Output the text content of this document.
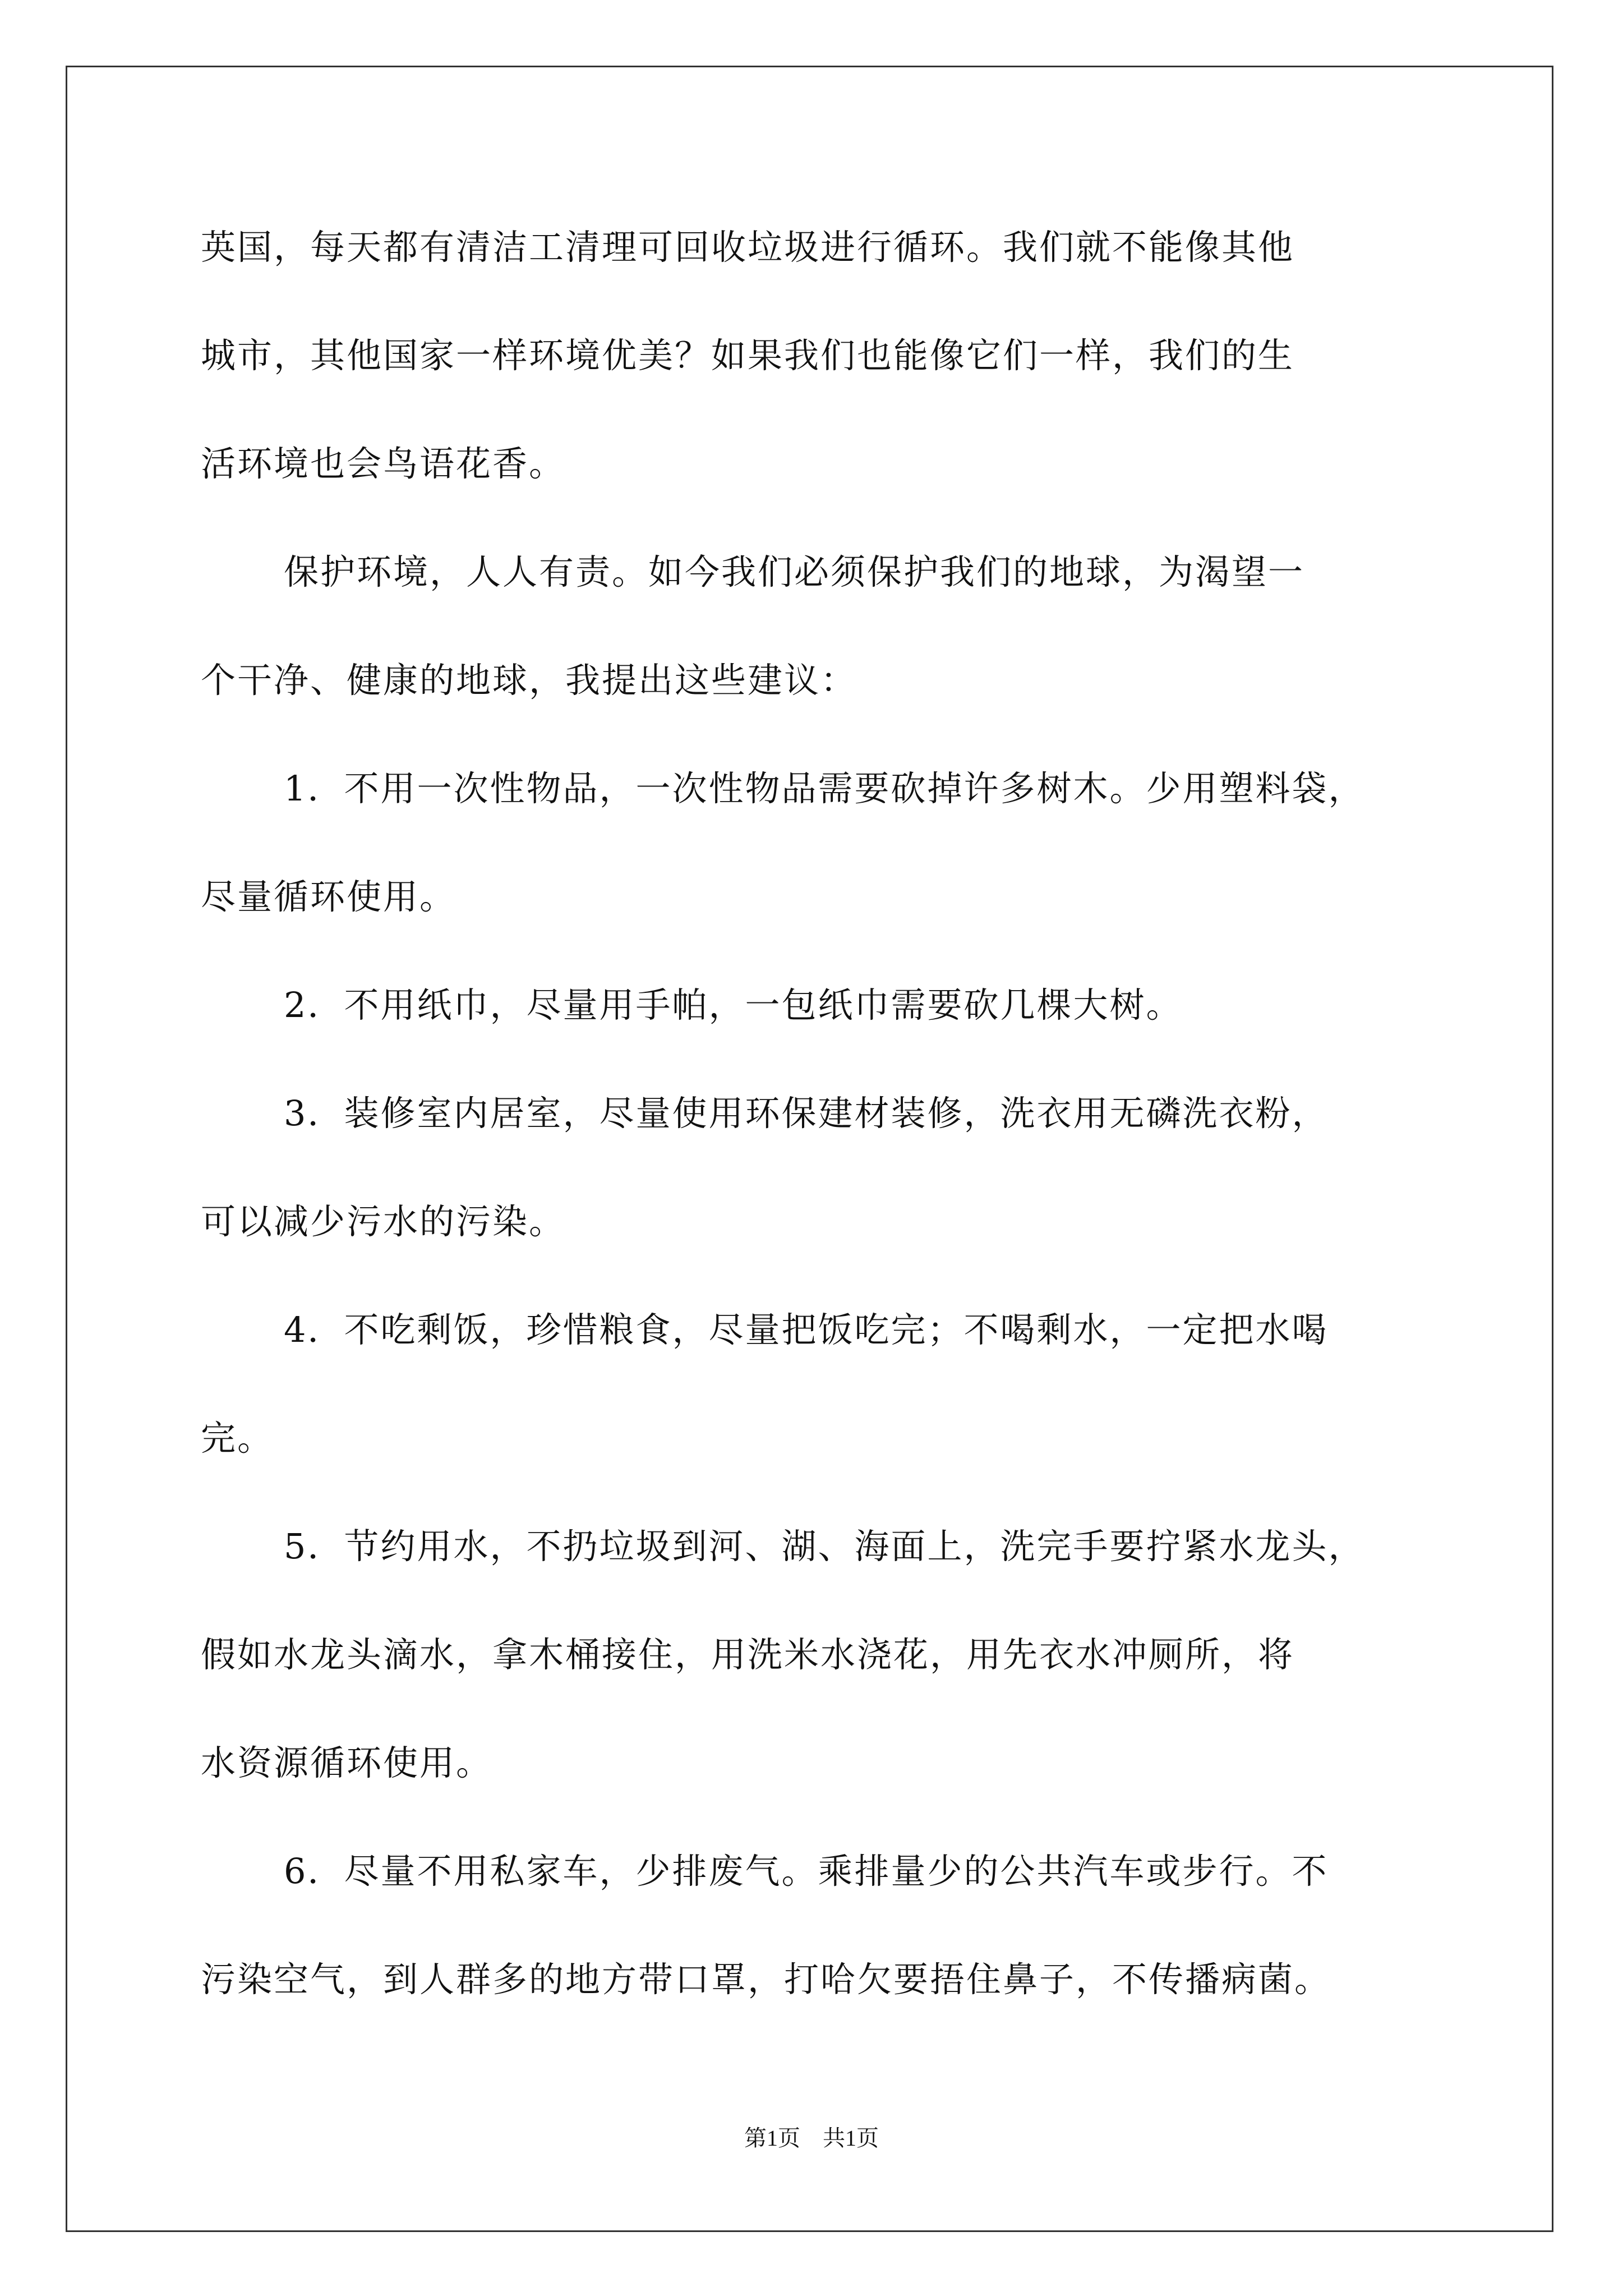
英国，每天都有清洁工清理可回收垃圾进行循环。我们就不能像其他
城市，其他国家一样环境优美？如果我们也能像它们一样，我们的生
活环境也会鸟语花香。
保护环境，人人有责。如今我们必须保护我们的地球，为渴望一
个干净、健康的地球，我提出这些建议：
1．不用一次性物品，一次性物品需要砍掉许多树木。少用塑料袋，
尽量循环使用。
2．不用纸巾，尽量用手帕，一包纸巾需要砍几棵大树。
3．装修室内居室，尽量使用环保建材装修，洗衣用无磷洗衣粉，
可以减少污水的污染。
4．不吃剩饭，珍惜粮食，尽量把饭吃完；不喝剩水，一定把水喝
完。
5．节约用水，不扔垃圾到河、湖、海面上，洗完手要拧紧水龙头，
假如水龙头滴水，拿木桶接住，用洗米水浇花，用先衣水冲厕所，将
水资源循环使用。
6．尽量不用私家车，少排废气。乘排量少的公共汽车或步行。不
污染空气，到人群多的地方带口罩，打哈欠要捂住鼻子，不传播病菌。
第1页　共1页
